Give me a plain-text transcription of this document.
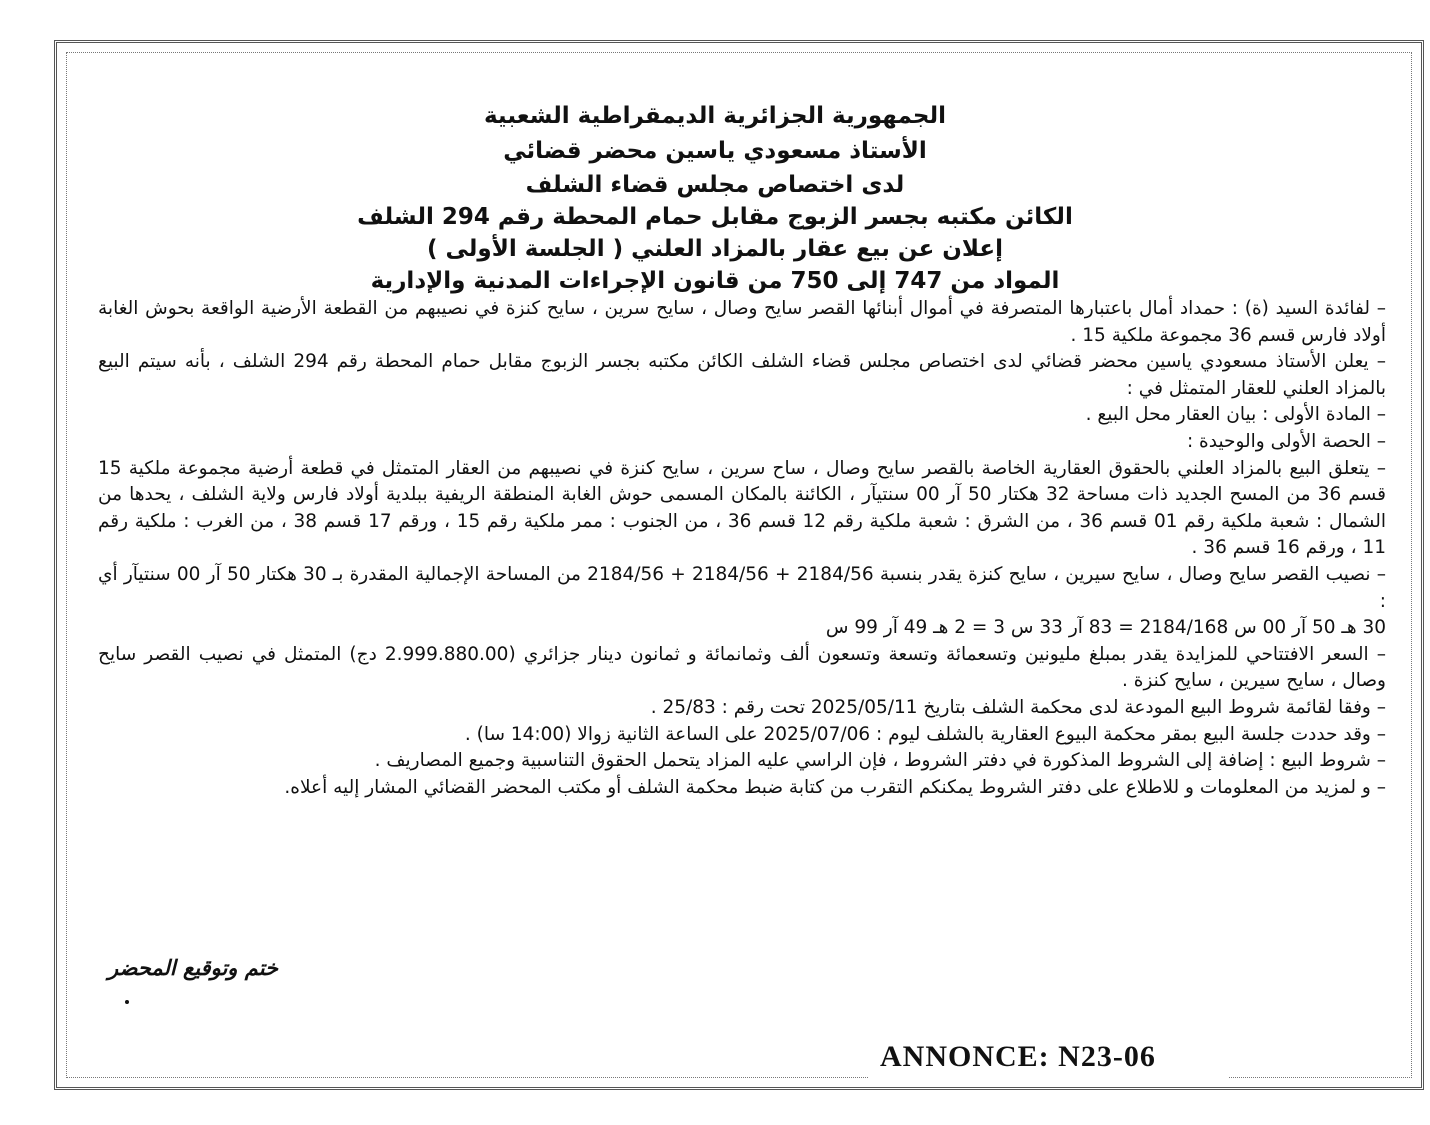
الجمهورية الجزائرية الديمقراطية الشعبية
الأستاذ مسعودي ياسين محضر قضائي
لدى اختصاص مجلس قضاء الشلف
الكائن مكتبه بجسر الزبوج مقابل حمام المحطة رقم 294 الشلف
إعلان عن بيع عقار بالمزاد العلني ( الجلسة الأولى )
المواد من 747 إلى 750 من قانون الإجراءات المدنية والإدارية

– لفائدة السيد (ة) : حمداد أمال باعتبارها المتصرفة في أموال أبنائها القصر سايح وصال ، سايح سرين ، سايح كنزة في نصيبهم من القطعة الأرضية الواقعة بحوش الغابة أولاد فارس قسم 36 مجموعة ملكية 15 .

– يعلن الأستاذ مسعودي ياسين محضر قضائي لدى اختصاص مجلس قضاء الشلف الكائن مكتبه بجسر الزبوج مقابل حمام المحطة رقم 294 الشلف ، بأنه سيتم البيع بالمزاد العلني للعقار المتمثل في :

– المادة الأولى : بيان العقار محل البيع .

– الحصة الأولى والوحيدة :

– يتعلق البيع بالمزاد العلني بالحقوق العقارية الخاصة بالقصر سايح وصال ، ساح سرين ، سايح كنزة في نصيبهم من العقار المتمثل في قطعة أرضية مجموعة ملكية 15 قسم 36 من المسح الجديد ذات مساحة 32 هكتار 50 آر 00 سنتيآر ، الكائنة بالمكان المسمى حوش الغابة المنطقة الريفية ببلدية أولاد فارس ولاية الشلف ، يحدها من الشمال : شعبة ملكية رقم 01 قسم 36 ، من الشرق : شعبة ملكية رقم 12 قسم 36 ، من الجنوب : ممر ملكية رقم 15 ، ورقم 17 قسم 38 ، من الغرب : ملكية رقم 11 ، ورقم 16 قسم 36 .

– نصيب القصر سايح وصال ، سايح سيرين ، سايح كنزة يقدر بنسبة 2184/56 + 2184/56 + 2184/56 من المساحة الإجمالية المقدرة بـ 30 هكتار 50 آر 00 سنتيآر أي :

30 هـ 50 آر 00 س 2184/168 = 83 آر 33 س 3 = 2 هـ 49 آر 99 س

– السعر الافتتاحي للمزايدة يقدر بمبلغ مليونين وتسعمائة وتسعة وتسعون ألف وثمانمائة و ثمانون دينار جزائري (2.999.880.00 دج) المتمثل في نصيب القصر سايح وصال ، سايح سيرين ، سايح كنزة .

– وفقا لقائمة شروط البيع المودعة لدى محكمة الشلف بتاريخ 2025/05/11 تحت رقم : 25/83 .

– وقد حددت جلسة البيع بمقر محكمة البيوع العقارية بالشلف ليوم : 2025/07/06 على الساعة الثانية زوالا (14:00 سا) .

– شروط البيع : إضافة إلى الشروط المذكورة في دفتر الشروط ، فإن الراسي عليه المزاد يتحمل الحقوق التناسبية وجميع المصاريف .

– و لمزيد من المعلومات و للاطلاع على دفتر الشروط يمكنكم التقرب من كتابة ضبط محكمة الشلف أو مكتب المحضر القضائي المشار إليه أعلاه.

ختم وتوقيع المحضر
ANNONCE: N23-06
